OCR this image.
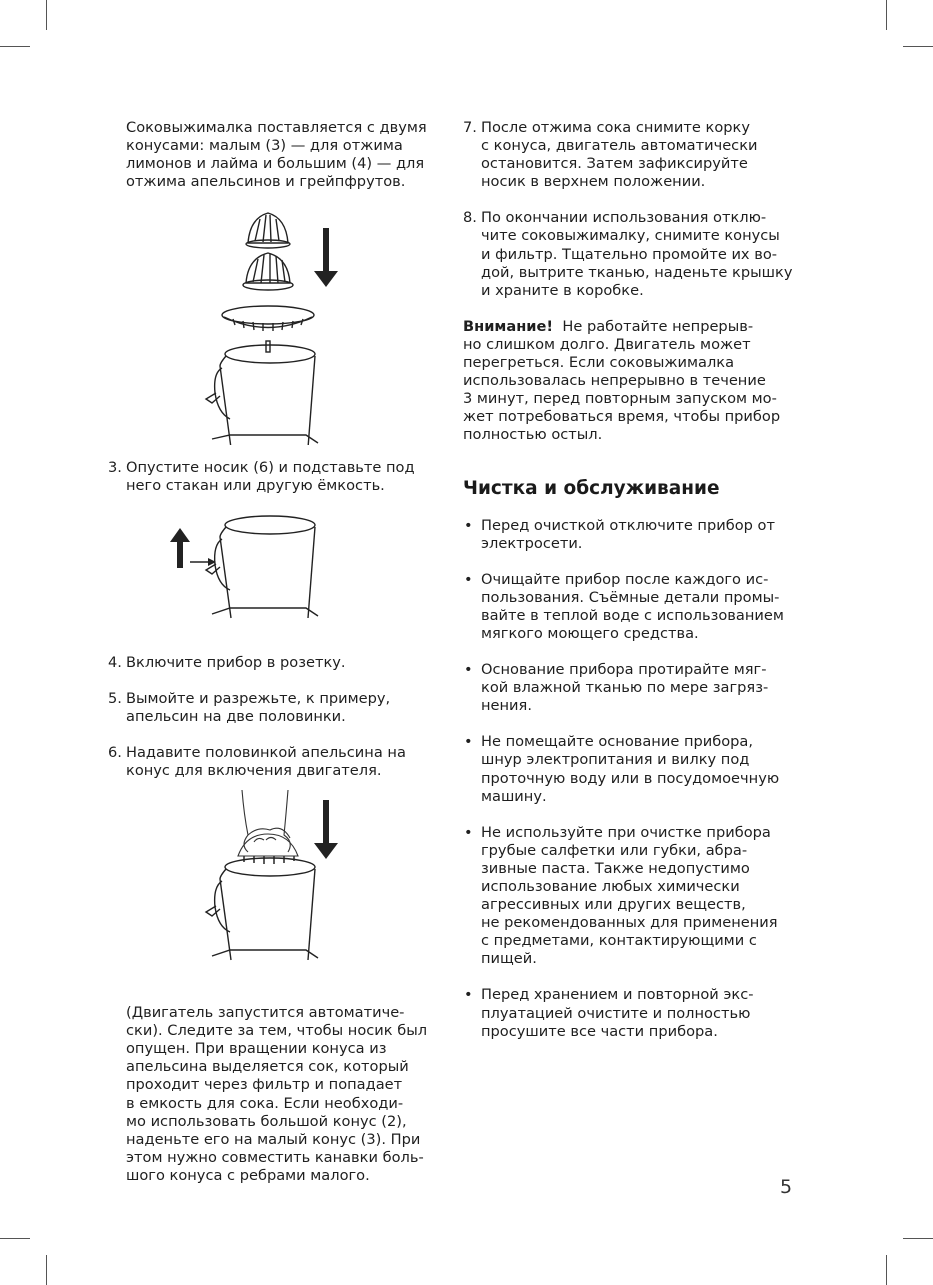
Соковыжималка поставляется с двумя
конусами: малым (3) — для отжима
лимонов и лайма и большим (4) — для
отжима апельсинов и грейпфрутов.

3. Опустите носик (6) и подставьте под
него стакан или другую ёмкость.
4. Включите прибор в розетку.
5. Вымойте и разрежьте, к примеру,
апельсин на две половинки.
6. Надавите половинкой апельсина на
конус для включения двигателя.

(Двигатель запустится автоматиче-
ски). Следите за тем, чтобы носик был
опущен. При вращении конуса из
апельсина выделяется сок, который
проходит через фильтр и попадает
в емкость для сока. Если необходи-
мо использовать большой конус (2),
наденьте его на малый конус (3). При
этом нужно совместить канавки боль-
шого конуса с ребрами малого.

7. После отжима сока снимите корку
с конуса, двигатель автоматически
остановится. Затем зафиксируйте
носик в верхнем положении.
8. По окончании использования отклю-
чите соковыжималку, снимите конусы
и фильтр. Тщательно промойте их во-
дой, вытрите тканью, наденьте крышку
и храните в коробке.

Внимание! Не работайте непрерыв-
но слишком долго. Двигатель может
перегреться. Если соковыжималка
использовалась непрерывно в течение
3 минут, перед повторным запуском мо-
жет потребоваться время, чтобы прибор
полностью остыл.

Чистка и обслуживание
• Перед очисткой отключите прибор от
электросети.
• Очищайте прибор после каждого ис-
пользования. Съёмные детали промы-
вайте в теплой воде с использованием
мягкого моющего средства.
• Основание прибора протирайте мяг-
кой влажной тканью по мере загряз-
нения.
• Не помещайте основание прибора,
шнур электропитания и вилку под
проточную воду или в посудомоечную
машину.
• Не используйте при очистке прибора
грубые салфетки или губки, абра-
зивные паста. Также недопустимо
использование любых химически
агрессивных или других веществ,
не рекомендованных для применения
с предметами, контактирующими с
пищей.
• Перед хранением и повторной экс-
плуатацией очистите и полностью
просушите все части прибора.
5
